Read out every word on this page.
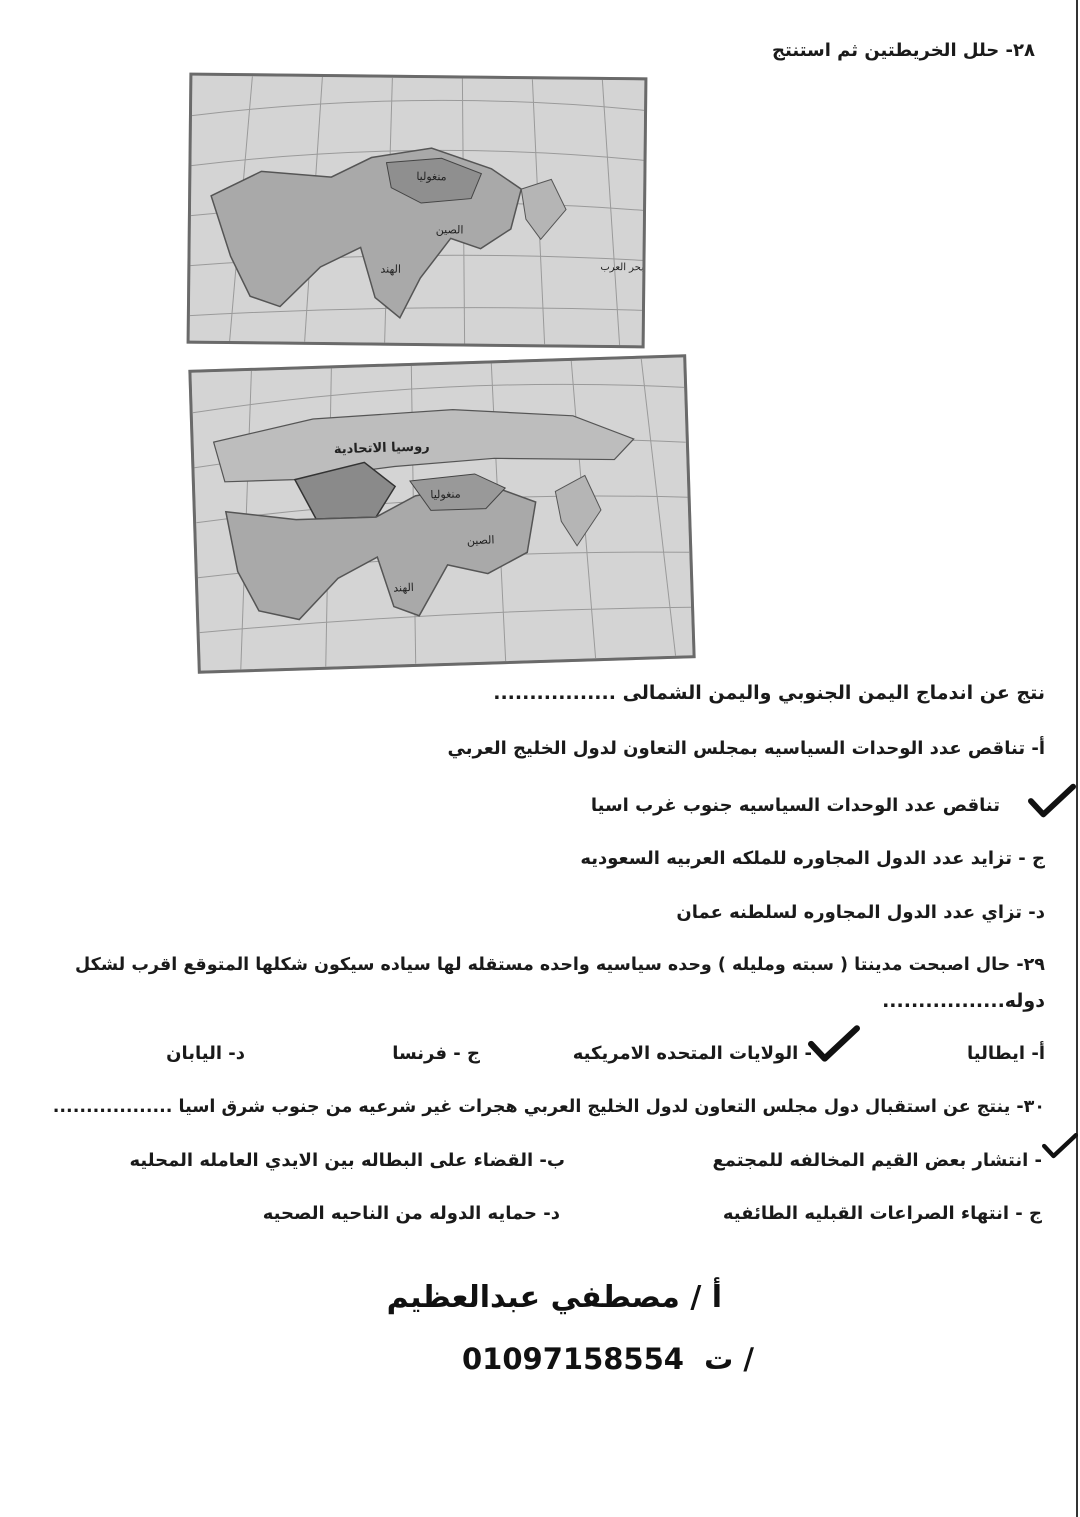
٢٨- حلل الخريطتين ثم استنتج
منغوليا
الصين
الهند	بحر العرب
روسيا الاتحادية
منغوليا
الصين
الهند
نتج عن اندماج اليمن الجنوبي واليمن الشمالى .................
أ- تناقص عدد الوحدات السياسيه بمجلس التعاون لدول الخليج العربي
تناقص عدد الوحدات السياسيه جنوب غرب اسيا
ج - تزايد عدد الدول المجاوره للملكه العربيه السعوديه
د- تزاي عدد الدول المجاوره لسلطنه عمان
٢٩- حال اصبحت مدينتا ( سبته ومليله ) وحده سياسيه واحده مستقله لها سياده سيكون شكلها المتوقع اقرب لشكل
دوله.................
أ- ايطاليا
- الولايات المتحده الامريكيه
ج - فرنسا
د- اليابان
٣٠- ينتج عن استقبال دول مجلس التعاون لدول الخليج العربي هجرات غير شرعيه من جنوب شرق اسيا ..................
- انتشار بعض القيم المخالفه للمجتمع
ب- القضاء على البطاله بين الايدي العامله المحليه
ج - انتهاء الصراعات القبليه الطائفيه
د- حمايه الدوله من الناحيه الصحيه
أ / مصطفي عبدالعظيم
01097158554 ت /
